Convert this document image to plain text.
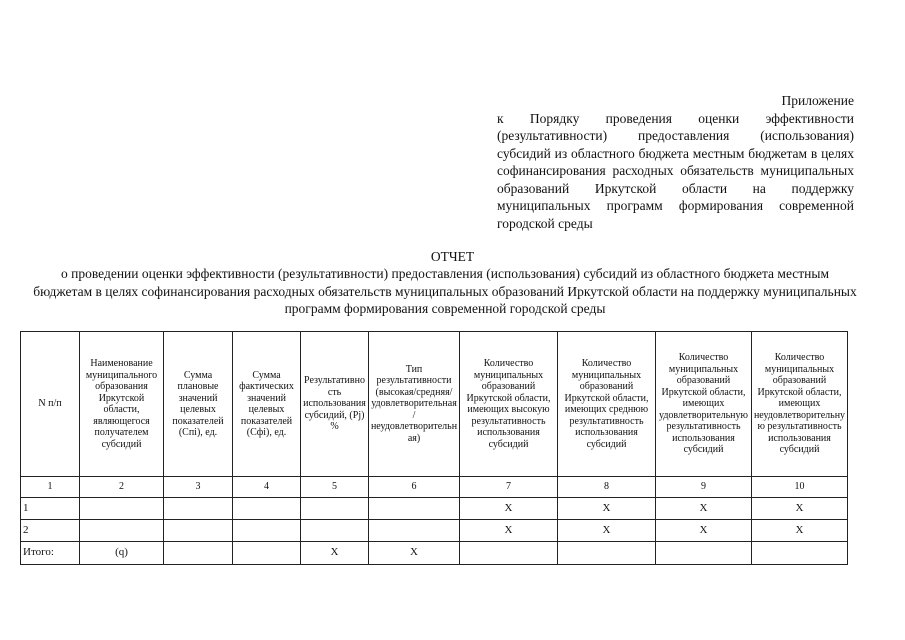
Приложение
к Порядку проведения оценки эффективности (результативности) предоставления (использования) субсидий из областного бюджета местным бюджетам в целях софинансирования расходных обязательств муниципальных образований Иркутской области на поддержку муниципальных программ формирования современной городской среды
ОТЧЕТ
о проведении оценки эффективности (результативности) предоставления (использования) субсидий из областного бюджета местным бюджетам в целях софинансирования расходных обязательств муниципальных образований Иркутской области на поддержку муниципальных программ формирования современной городской среды
N п/п	Наименование муниципального образования Иркутской области, являющегося получателем субсидий	Сумма плановые значений целевых показателей (Спi), ед.	Сумма фактических значений целевых показателей (Сфi), ед.	Результативность использования субсидий, (Pj) %	Тип результативности (высокая/средняя/удовлетворительная/неудовлетворительная)	Количество муниципальных образований Иркутской области, имеющих высокую результативность использования субсидий	Количество муниципальных образований Иркутской области, имеющих среднюю результативность использования субсидий	Количество муниципальных образований Иркутской области, имеющих удовлетворительную результативность использования субсидий	Количество муниципальных образований Иркутской области, имеющих неудовлетворительную результативность использования субсидий
1	2	3	4	5	6	7	8	9	10
1						X	X	X	X
2						X	X	X	X
Итого:	(q)			X	X				
